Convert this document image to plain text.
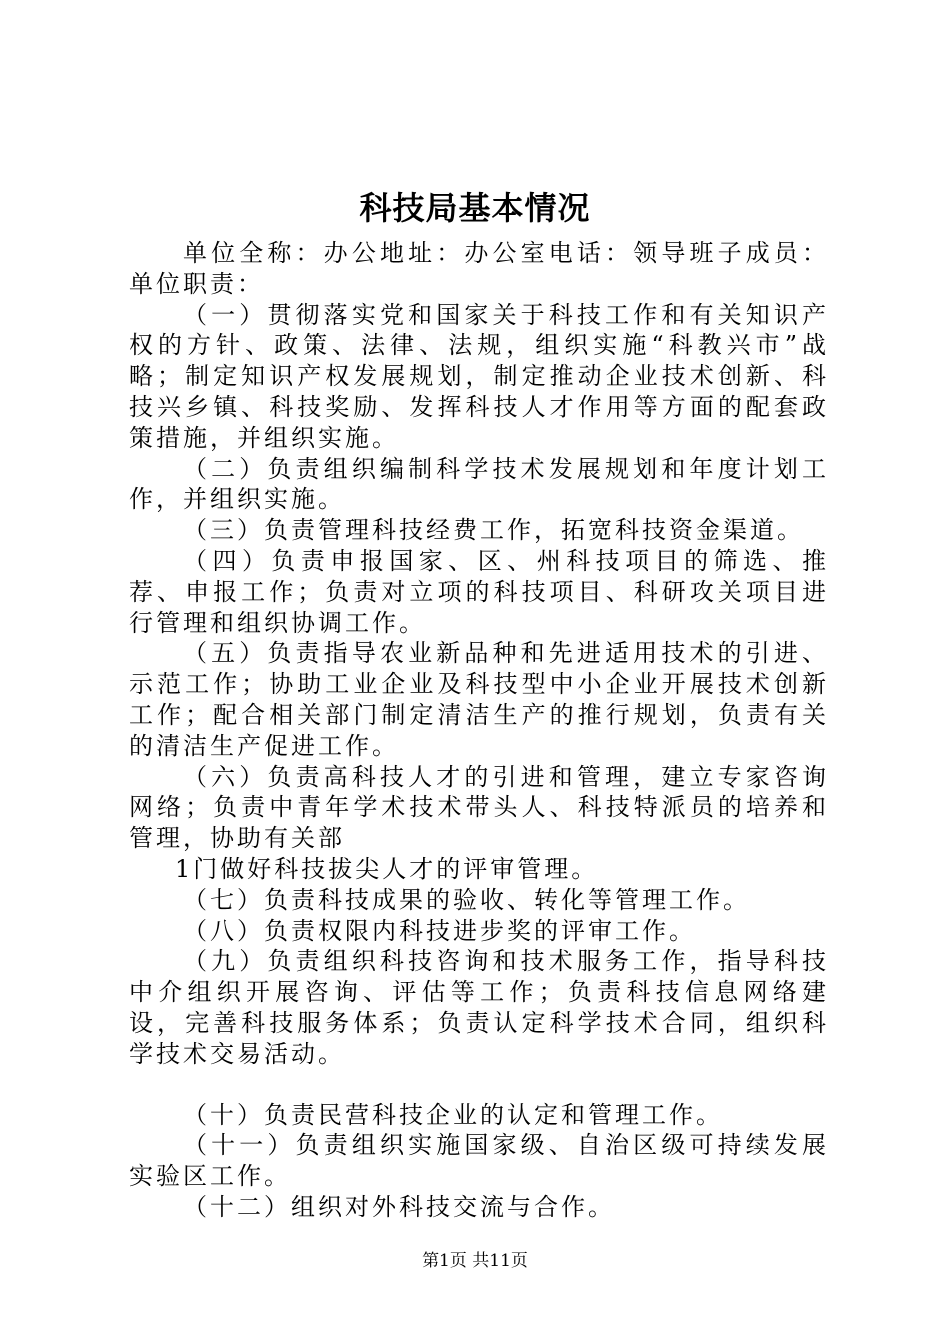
科技局基本情况

单位全称：办公地址：办公室电话：领导班子成员：单位职责：

（一）贯彻落实党和国家关于科技工作和有关知识产权的方针、政策、法律、法规，组织实施“科教兴市”战略；制定知识产权发展规划，制定推动企业技术创新、科技兴乡镇、科技奖励、发挥科技人才作用等方面的配套政策措施，并组织实施。

（二）负责组织编制科学技术发展规划和年度计划工作，并组织实施。

（三）负责管理科技经费工作，拓宽科技资金渠道。

（四）负责申报国家、区、州科技项目的筛选、推荐、申报工作；负责对立项的科技项目、科研攻关项目进行管理和组织协调工作。

（五）负责指导农业新品种和先进适用技术的引进、示范工作；协助工业企业及科技型中小企业开展技术创新工作；配合相关部门制定清洁生产的推行规划，负责有关的清洁生产促进工作。

（六）负责高科技人才的引进和管理，建立专家咨询网络；负责中青年学术技术带头人、科技特派员的培养和管理，协助有关部

1门做好科技拔尖人才的评审管理。

（七）负责科技成果的验收、转化等管理工作。

（八）负责权限内科技进步奖的评审工作。

（九）负责组织科技咨询和技术服务工作，指导科技中介组织开展咨询、评估等工作；负责科技信息网络建设，完善科技服务体系；负责认定科学技术合同，组织科学技术交易活动。

（十）负责民营科技企业的认定和管理工作。

（十一）负责组织实施国家级、自治区级可持续发展实验区工作。

（十二）组织对外科技交流与合作。

第1页 共11页
